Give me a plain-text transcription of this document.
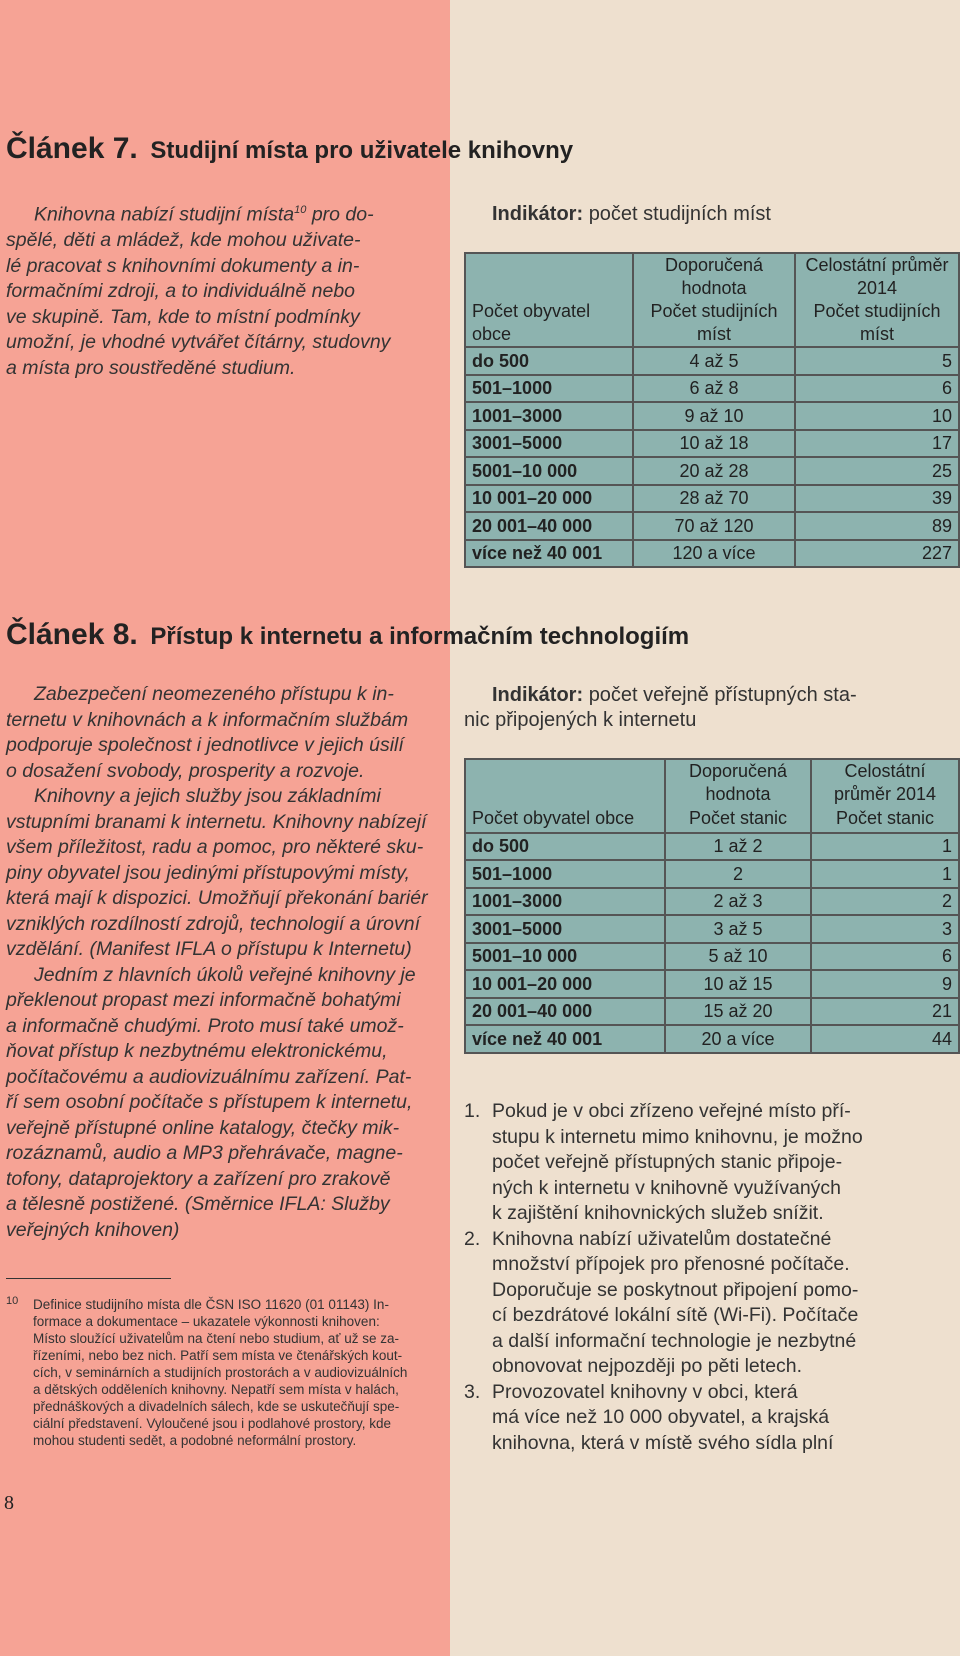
Článek 7. Studijní místa pro uživatele knihovny

Knihovna nabízí studijní místa$^{10}$ pro do-

spělé, děti a mládež, kde mohou uživate-

lé pracovat s knihovními dokumenty a in-

formačními zdroji, a to individuálně nebo

ve skupině. Tam, kde to místní podmínky

umožní, je vhodné vytvářet čítárny, studovny

a místa pro soustředěné studium.

Indikátor: počet studijních míst
	Doporučená hodnota	Celostátní průměr 2014
Počet obyvatel obce	Počet studijních míst	Počet studijních míst
do 500	4 až 5	5
501–1000	6 až 8	6
1001–3000	9 až 10	10
3001–5000	10 až 18	17
5001–10 000	20 až 28	25
10 001–20 000	28 až 70	39
20 001–40 000	70 až 120	89
více než 40 001	120 a více	227
Článek 8. Přístup k internetu a informačním technologiím

Zabezpečení neomezeného přístupu k in-

ternetu v knihovnách a k informačním službám

podporuje společnost i jednotlivce v jejich úsilí

o dosažení svobody, prosperity a rozvoje.

Knihovny a jejich služby jsou základními

vstupními branami k internetu. Knihovny nabízejí

všem příležitost, radu a pomoc, pro některé sku-

piny obyvatel jsou jedinými přístupovými místy,

která mají k dispozici. Umožňují překonání bariér

vzniklých rozdílností zdrojů, technologií a úrovní

vzdělání. (Manifest IFLA o přístupu k Internetu)

Jedním z hlavních úkolů veřejné knihovny je

překlenout propast mezi informačně bohatými

a informačně chudými. Proto musí také umož-

ňovat přístup k nezbytnému elektronickému,

počítačovému a audiovizuálnímu zařízení. Pat-

ří sem osobní počítače s přístupem k internetu,

veřejně přístupné online katalogy, čtečky mik-

rozáznamů, audio a MP3 přehrávače, magne-

tofony, dataprojektory a zařízení pro zrakově

a tělesně postižené. (Směrnice IFLA: Služby

veřejných knihoven)

Indikátor: počet veřejně přístupných sta-
nic připojených k internetu
	Doporučená hodnota	Celostátní průměr 2014
Počet obyvatel obce	Počet stanic	Počet stanic
do 500	1 až 2	1
501–1000	2	1
1001–3000	2 až 3	2
3001–5000	3 až 5	3
5001–10 000	5 až 10	6
10 001–20 000	10 až 15	9
20 001–40 000	15 až 20	21
více než 40 001	20 a více	44
1. Pokud je v obci zřízeno veřejné místo pří-
stupu k internetu mimo knihovnu, je možno
počet veřejně přístupných stanic připoje-
ných k internetu v knihovně využívaných
k zajištění knihovnických služeb snížit.
2. Knihovna nabízí uživatelům dostatečné
množství přípojek pro přenosné počítače.
Doporučuje se poskytnout připojení pomo-
cí bezdrátové lokální sítě (Wi-Fi). Počítače
a další informační technologie je nezbytné
obnovovat nejpozději po pěti letech.
3. Provozovatel knihovny v obci, která
má více než 10 000 obyvatel, a krajská
knihovna, která v místě svého sídla plní
10 Definice studijního místa dle ČSN ISO 11620 (01 01143) In-
formace a dokumentace – ukazatele výkonnosti knihoven:
Místo sloužící uživatelům na čtení nebo studium, ať už se za-
řízeními, nebo bez nich. Patří sem místa ve čtenářských kout-
cích, v seminárních a studijních prostorách a v audiovizuálních
a dětských odděleních knihovny. Nepatří sem místa v halách,
přednáškových a divadelních sálech, kde se uskutečňují spe-
ciální představení. Vyloučené jsou i podlahové prostory, kde
mohou studenti sedět, a podobné neformální prostory.
8
